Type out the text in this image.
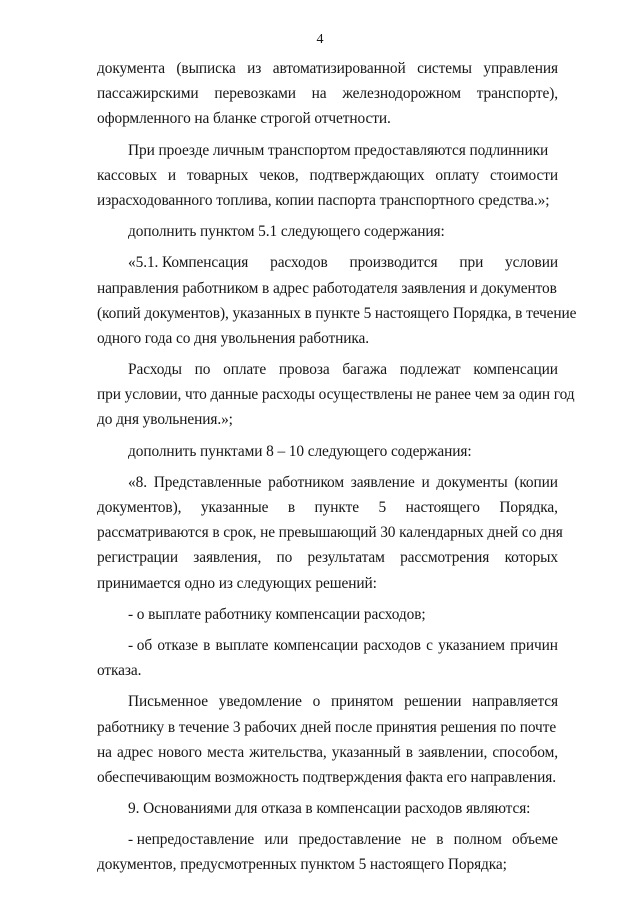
4
документа (выписка из автоматизированной системы управления
пассажирскими перевозками на железнодорожном транспорте),
оформленного на бланке строгой отчетности.
При проезде личным транспортом предоставляются подлинники
кассовых и товарных чеков, подтверждающих оплату стоимости
израсходованного топлива, копии паспорта транспортного средства.»;
дополнить пунктом 5.1 следующего содержания:
«5.1. Компенсация расходов производится при условии
направления работником в адрес работодателя заявления и документов
(копий документов), указанных в пункте 5 настоящего Порядка, в течение
одного года со дня увольнения работника.
Расходы по оплате провоза багажа подлежат компенсации
при условии, что данные расходы осуществлены не ранее чем за один год
до дня увольнения.»;
дополнить пунктами 8 – 10 следующего содержания:
«8. Представленные работником заявление и документы (копии
документов), указанные в пункте 5 настоящего Порядка,
рассматриваются в срок, не превышающий 30 календарных дней со дня
регистрации заявления, по результатам рассмотрения которых
принимается одно из следующих решений:
- о выплате работнику компенсации расходов;
- об отказе в выплате компенсации расходов с указанием причин
отказа.
Письменное уведомление о принятом решении направляется
работнику в течение 3 рабочих дней после принятия решения по почте
на адрес нового места жительства, указанный в заявлении, способом,
обеспечивающим возможность подтверждения факта его направления.
9. Основаниями для отказа в компенсации расходов являются:
- непредоставление или предоставление не в полном объеме
документов, предусмотренных пунктом 5 настоящего Порядка;
